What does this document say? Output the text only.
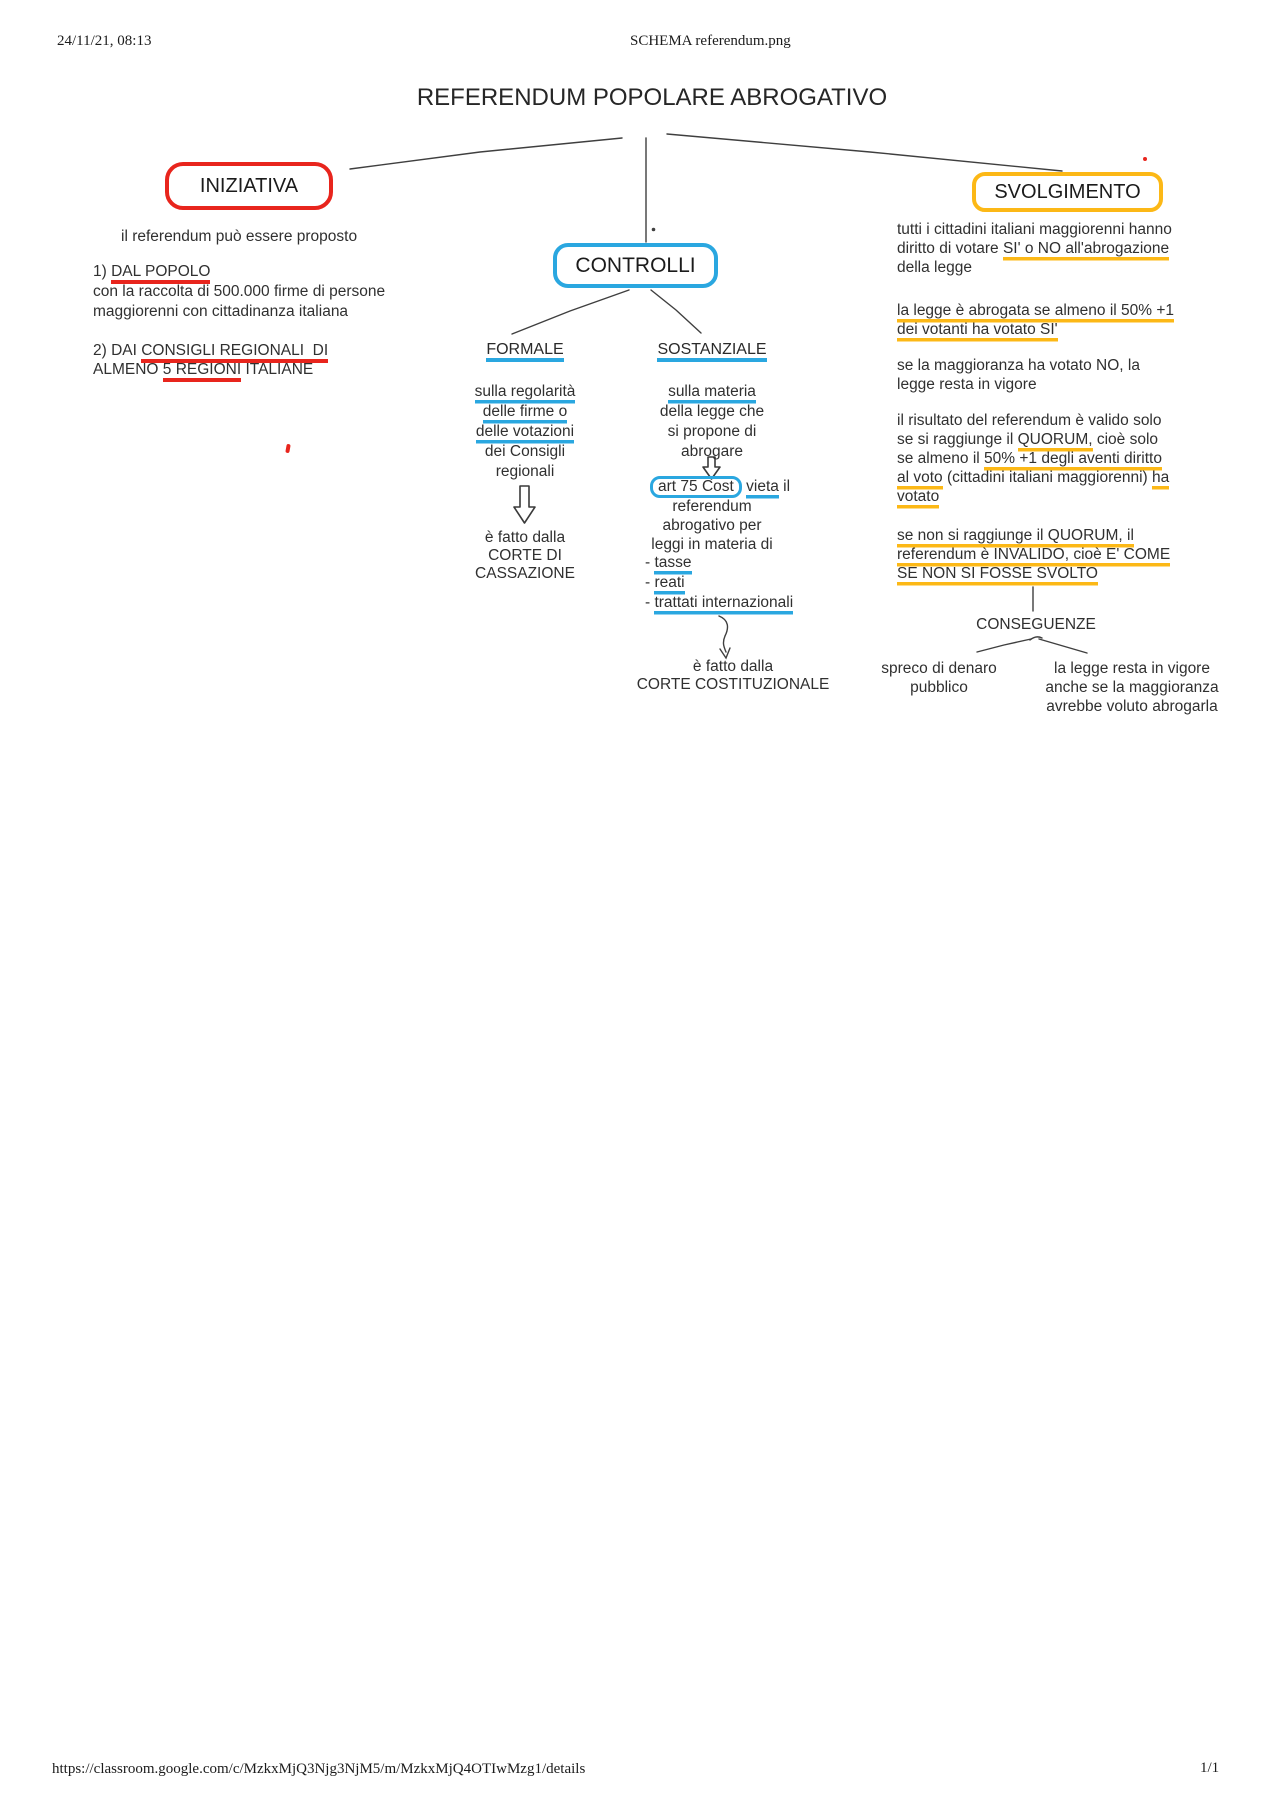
24/11/21, 08:13	SCHEMA referendum.png
REFERENDUM POPOLARE ABROGATIVO
INIZIATIVA
il referendum può essere proposto
1) DAL POPOLO
con la raccolta di 500.000 firme di persone
maggiorenni con cittadinanza italiana
2) DAI CONSIGLI REGIONALI  DI
ALMENO 5 REGIONI ITALIANE
CONTROLLI
FORMALE
sulla regolarità
delle firme o
delle votazioni
dei Consigli
regionali
è fatto dalla
CORTE DI
CASSAZIONE
SOSTANZIALE
sulla materia
della legge che
si propone di
abrogare
art 75 Cost vieta il
referendum
abrogativo per
leggi in materia di
- tasse
- reati
- trattati internazionali
è fatto dalla
CORTE COSTITUZIONALE
SVOLGIMENTO
tutti i cittadini italiani maggiorenni hanno
diritto di votare SI' o NO all'abrogazione
della legge
la legge è abrogata se almeno il 50% +1
dei votanti ha votato SI'
se la maggioranza ha votato NO, la
legge resta in vigore
il risultato del referendum è valido solo
se si raggiunge il QUORUM, cioè solo
se almeno il 50% +1 degli aventi diritto
al voto (cittadini italiani maggiorenni) ha
votato
se non si raggiunge il QUORUM, il
referendum è INVALIDO, cioè E' COME
SE NON SI FOSSE SVOLTO
CONSEGUENZE
spreco di denaro
pubblico
la legge resta in vigore
anche se la maggioranza
avrebbe voluto abrogarla
https://classroom.google.com/c/MzkxMjQ3Njg3NjM5/m/MzkxMjQ4OTIwMzg1/details	1/1
